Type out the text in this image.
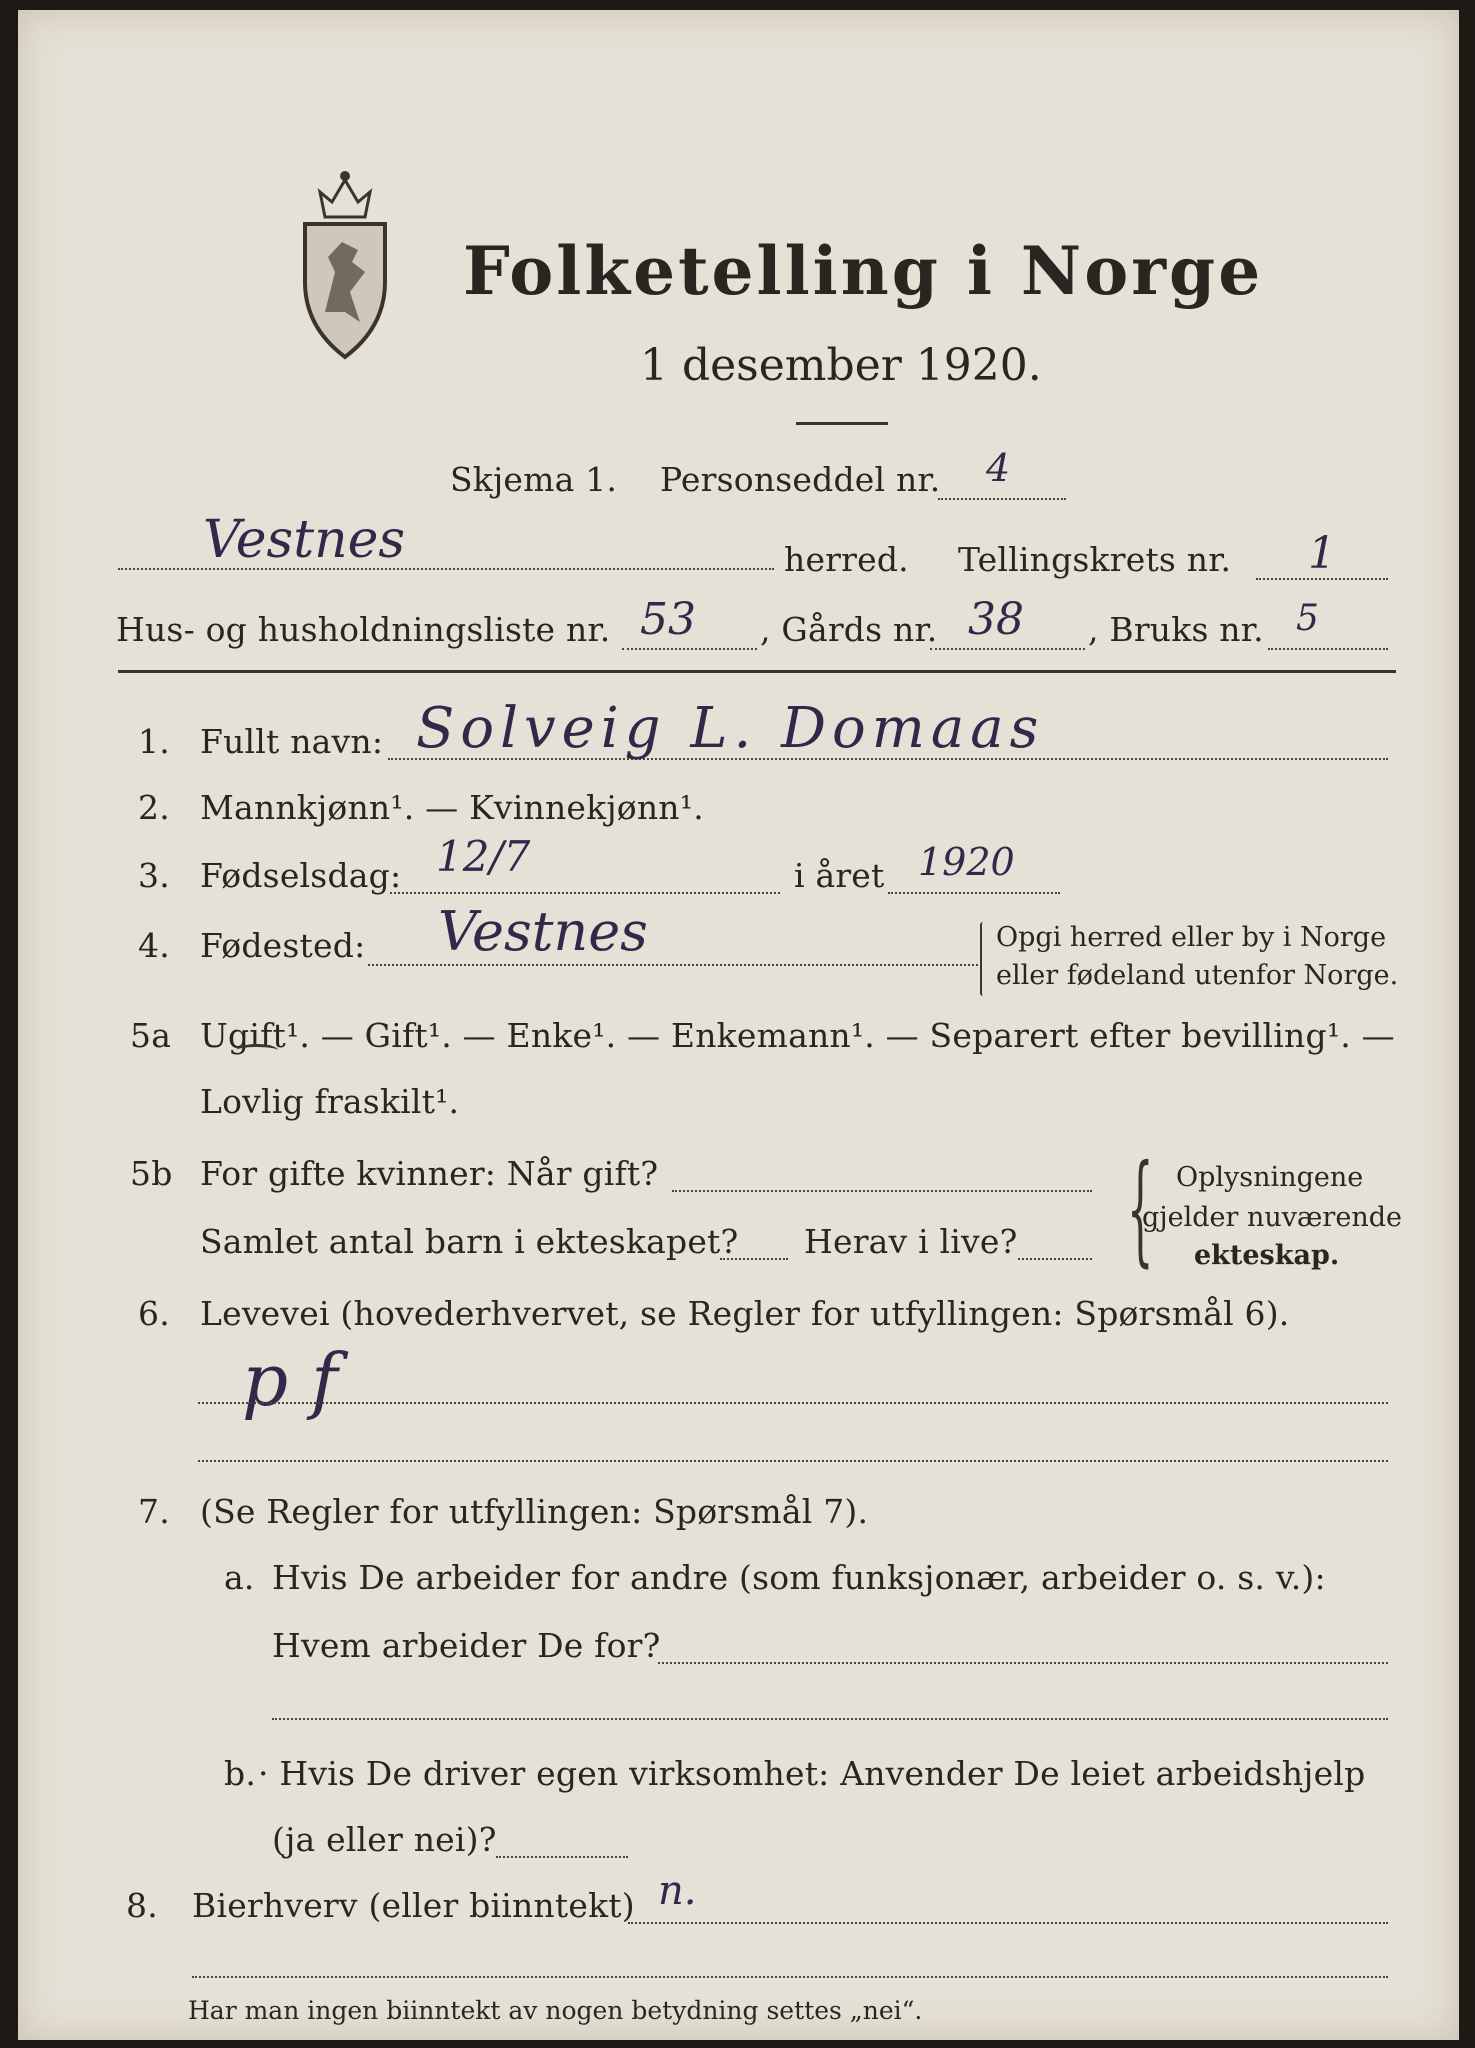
Folketelling i Norge
1 desember 1920.
Skjema 1. Personseddel nr. 4
Vestnes	herred. Tellingskrets nr. 1
Hus- og husholdningsliste nr. 53 , Gårds nr. 38 , Bruks nr. 5
1. Fullt navn: Solveig L. Domaas
2. Mannkjønn¹. — Kvinnekjønn¹.
3. Fødselsdag: 12/7	i året 1920
4. Fødested: Vestnes	Opgi herred eller by i Norge
eller fødeland utenfor Norge.
5a Ugift¹. — Gift¹. — Enke¹. — Enkemann¹. — Separert efter bevilling¹. —
Lovlig fraskilt¹.
5b For gifte kvinner: Når gift?
Samlet antal barn i ekteskapet? Herav i live? { Oplysningene
gjelder nuværende
ekteskap.
6. Levevei (hovederhvervet, se Regler for utfyllingen: Spørsmål 6).
p f
7. (Se Regler for utfyllingen: Spørsmål 7).
a. Hvis De arbeider for andre (som funksjonær, arbeider o. s. v.):
Hvem arbeider De for?
b. · Hvis De driver egen virksomhet: Anvender De leiet arbeidshjelp
(ja eller nei)?
8. Bierhverv (eller biinntekt) n.
Har man ingen biinntekt av nogen betydning settes „nei“.
